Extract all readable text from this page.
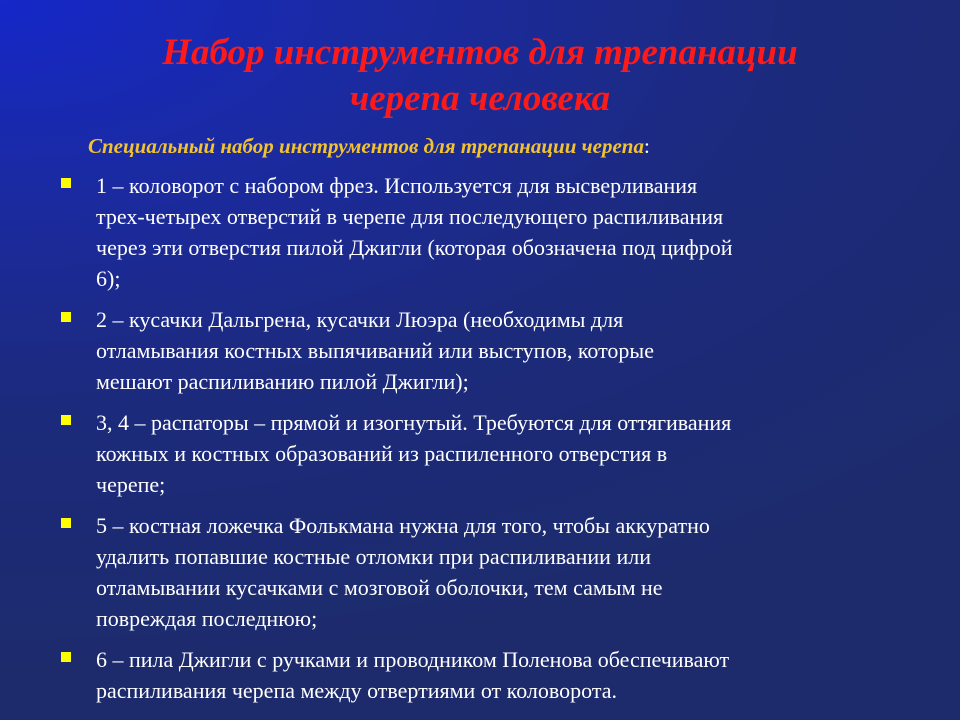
Набор инструментов для трепанации
черепа человека

Специальный набор инструментов для трепанации черепа:

1 – коловорот с набором фрез. Используется для высверливания
трех-четырех отверстий в черепе для последующего распиливания
через эти отверстия пилой Джигли (которая обозначена под цифрой
6);
2 – кусачки Дальгрена, кусачки Люэра (необходимы для
отламывания костных выпячиваний или выступов, которые
мешают распиливанию пилой Джигли);
3, 4 – распаторы – прямой и изогнутый. Требуются для оттягивания
кожных и костных образований из распиленного отверстия в
черепе;
5 – костная ложечка Фолькмана нужна для того, чтобы аккуратно
удалить попавшие костные отломки при распиливании или
отламывании кусачками с мозговой оболочки, тем самым не
повреждая последнюю;
6 – пила Джигли с ручками и проводником Поленова обеспечивают
распиливания черепа между отвертиями от коловорота.
